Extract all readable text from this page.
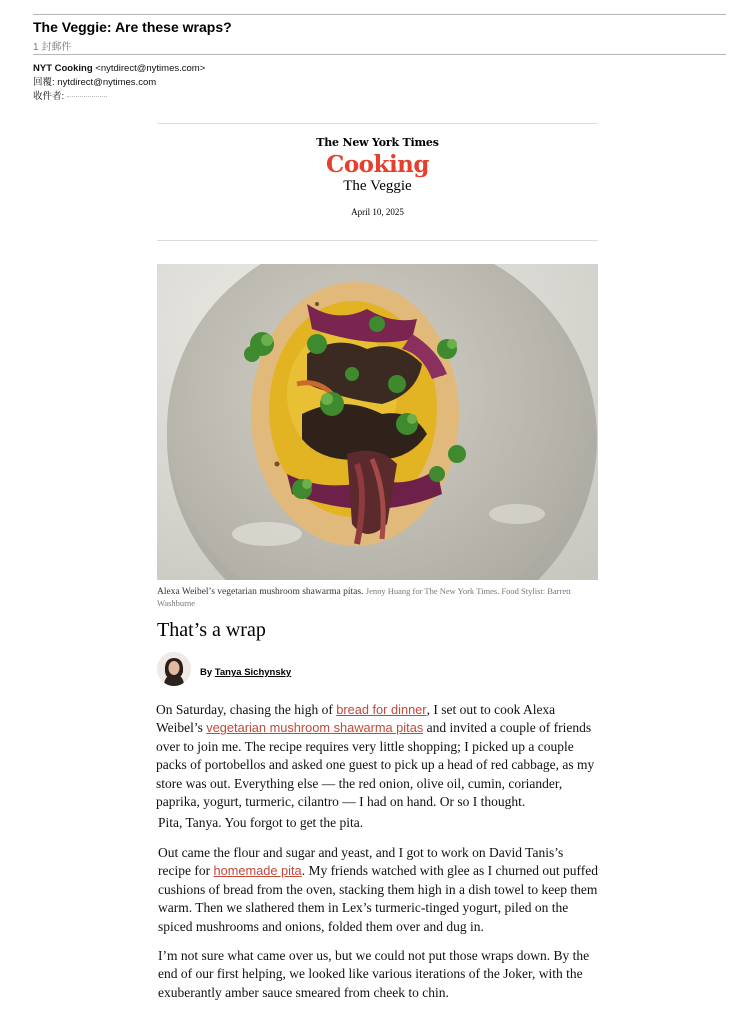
The Veggie: Are these wraps?
1 封郵件
NYT Cooking <nytdirect@nytimes.com>
回覆: nytdirect@nytimes.com
收件者:
The New York Times
Cooking
The Veggie
April 10, 2025
Alexa Weibel’s vegetarian mushroom shawarma pitas. Jenny Huang for The New York Times. Food Stylist: Barrett Washburne
That’s a wrap
By Tanya Sichynsky
On Saturday, chasing the high of bread for dinner, I set out to cook Alexa Weibel’s vegetarian mushroom shawarma pitas and invited a couple of friends over to join me. The recipe requires very little shopping; I picked up a couple packs of portobellos and asked one guest to pick up a head of red cabbage, as my store was out. Everything else — the red onion, olive oil, cumin, coriander, paprika, yogurt, turmeric, cilantro — I had on hand. Or so I thought.
Pita, Tanya. You forgot to get the pita.
Out came the flour and sugar and yeast, and I got to work on David Tanis’s recipe for homemade pita. My friends watched with glee as I churned out puffed cushions of bread from the oven, stacking them high in a dish towel to keep them warm. Then we slathered them in Lex’s turmeric-tinged yogurt, piled on the spiced mushrooms and onions, folded them over and dug in.
I’m not sure what came over us, but we could not put those wraps down. By the end of our first helping, we looked like various iterations of the Joker, with the exuberantly amber sauce smeared from cheek to chin.
